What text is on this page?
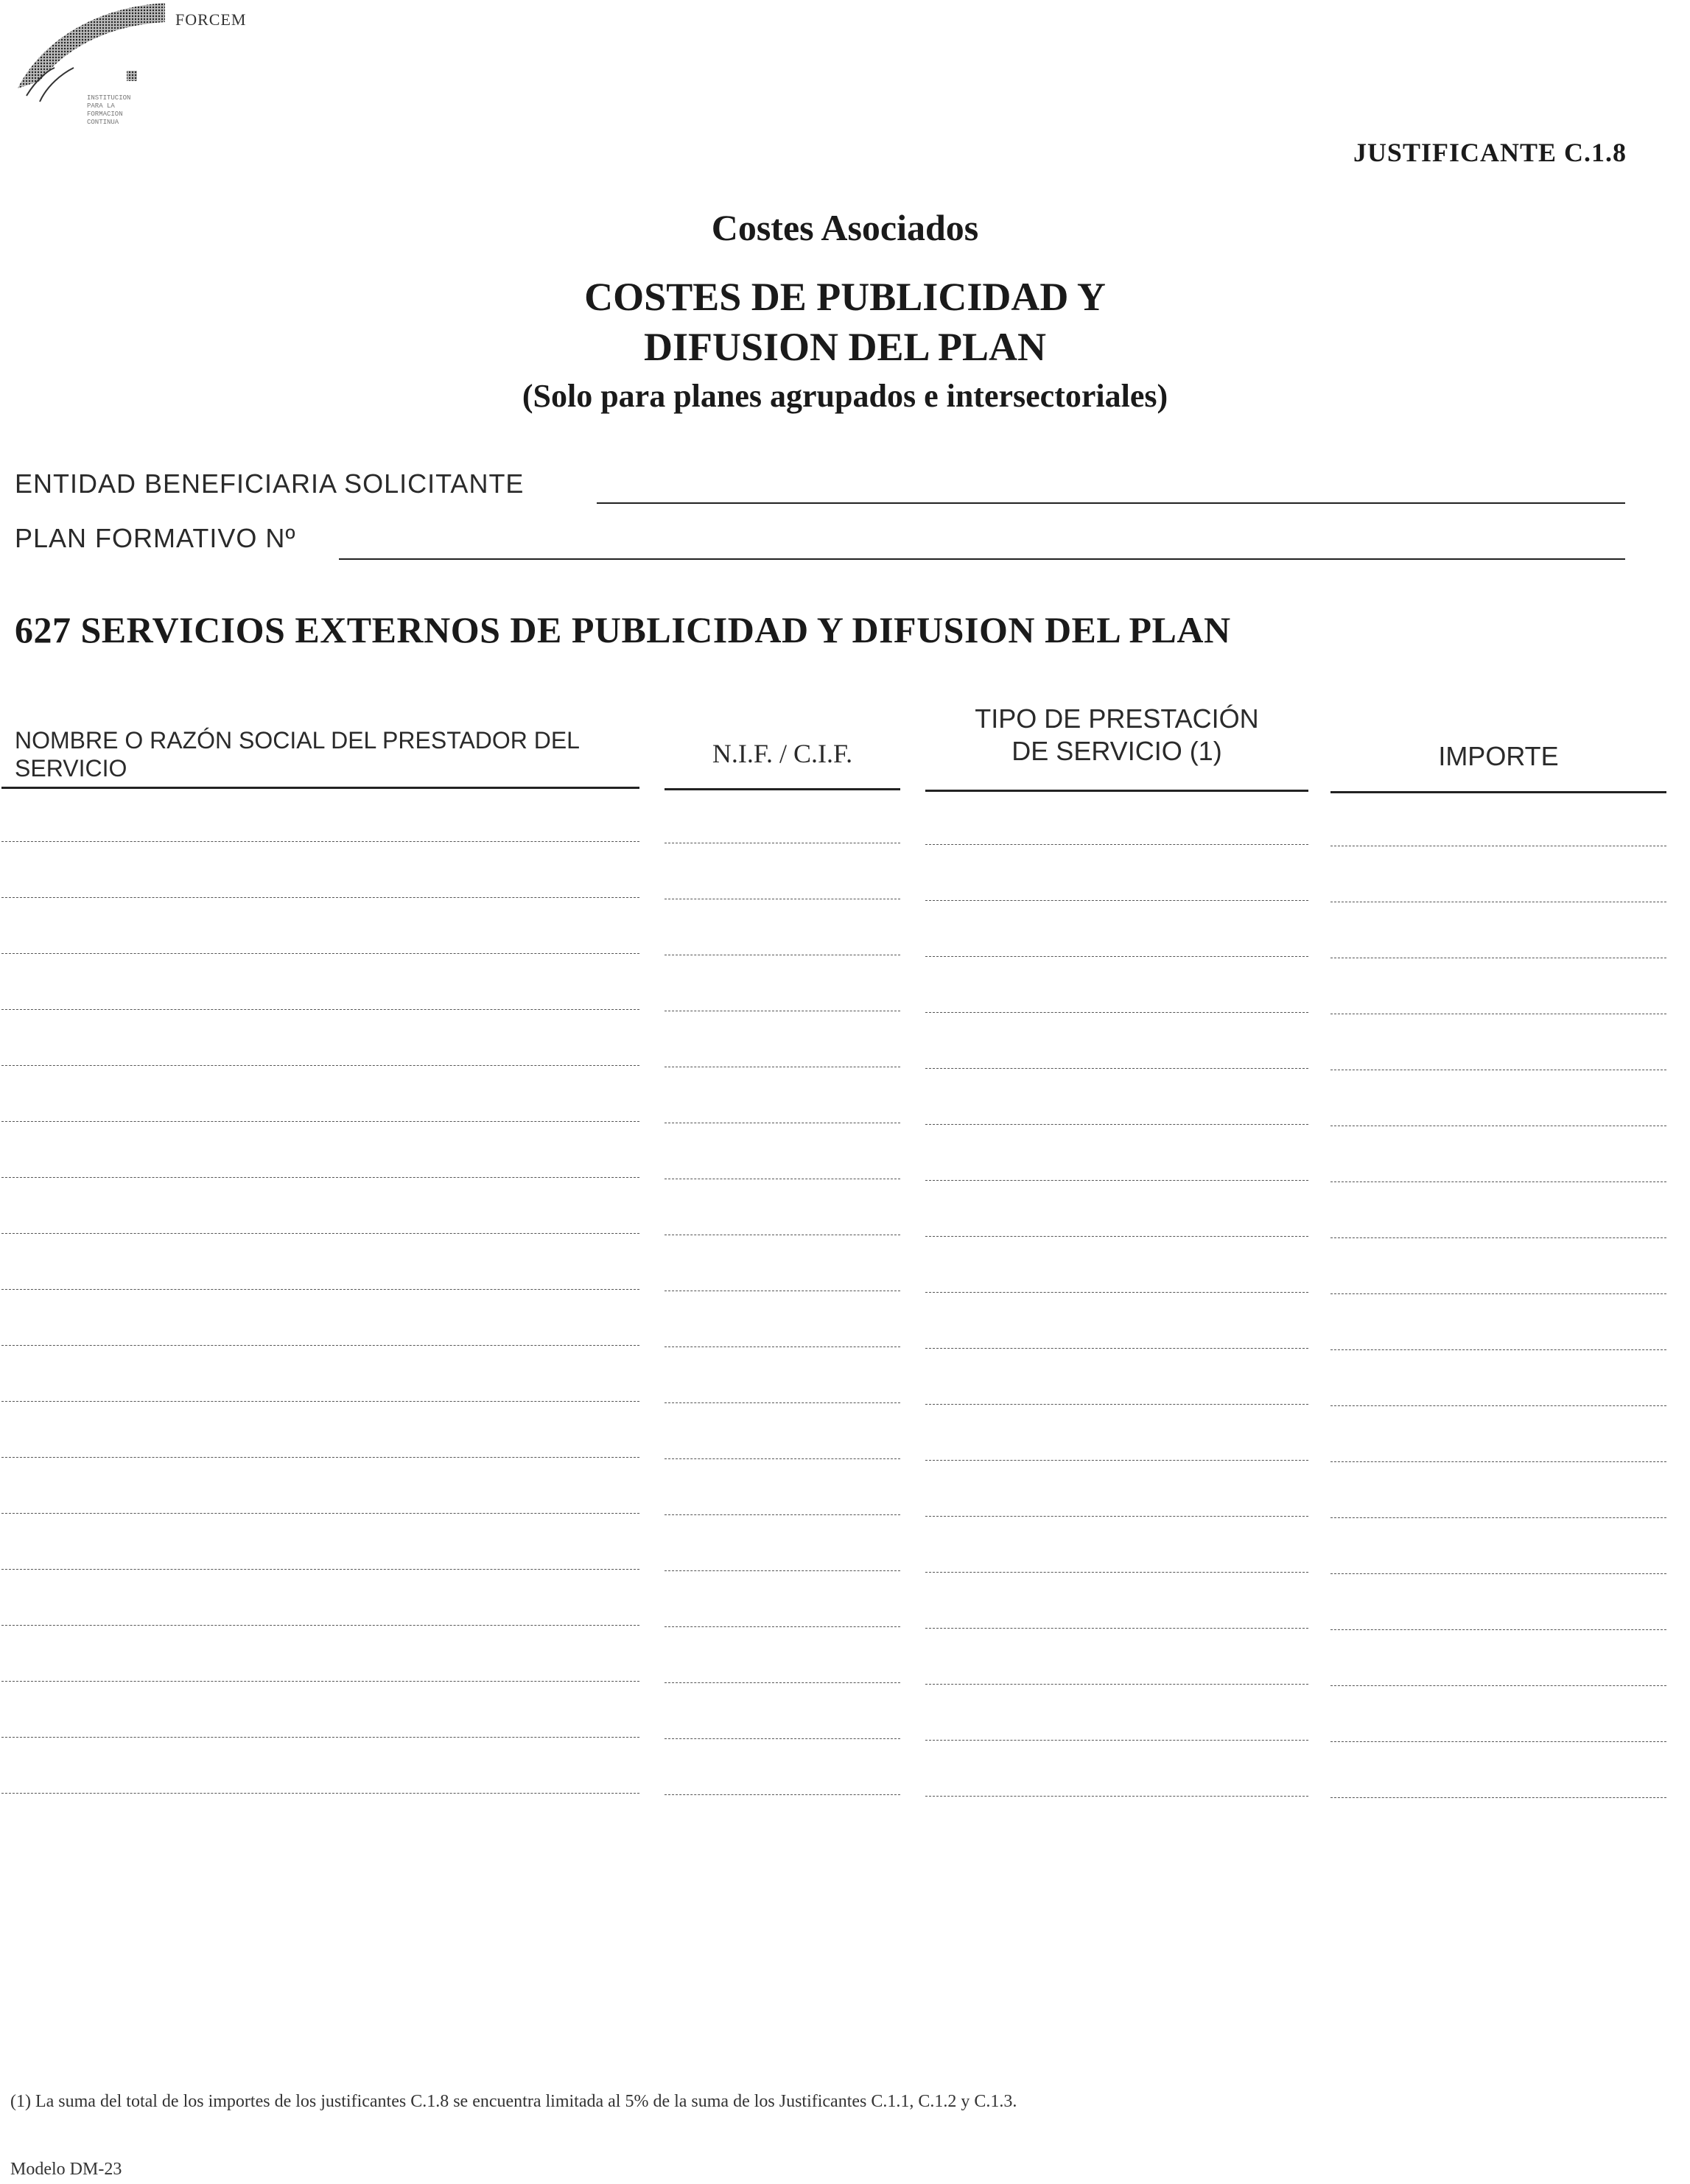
FORCEM
INSTITUCION
PARA LA
FORMACION
CONTINUA
JUSTIFICANTE C.1.8
Costes Asociados
COSTES DE PUBLICIDAD Y
DIFUSION DEL PLAN
(Solo para planes agrupados e intersectoriales)
ENTIDAD BENEFICIARIA SOLICITANTE
PLAN FORMATIVO Nº
627 SERVICIOS EXTERNOS DE PUBLICIDAD Y DIFUSION DEL PLAN
NOMBRE O RAZÓN SOCIAL DEL PRESTADOR DEL
SERVICIO	N.I.F. / C.I.F.
TIPO DE PRESTACIÓN
DE SERVICIO (1)	IMPORTE
(1) La suma del total de los importes de los justificantes C.1.8 se encuentra limitada al 5% de la suma de los Justificantes C.1.1, C.1.2 y C.1.3.
Modelo DM-23
